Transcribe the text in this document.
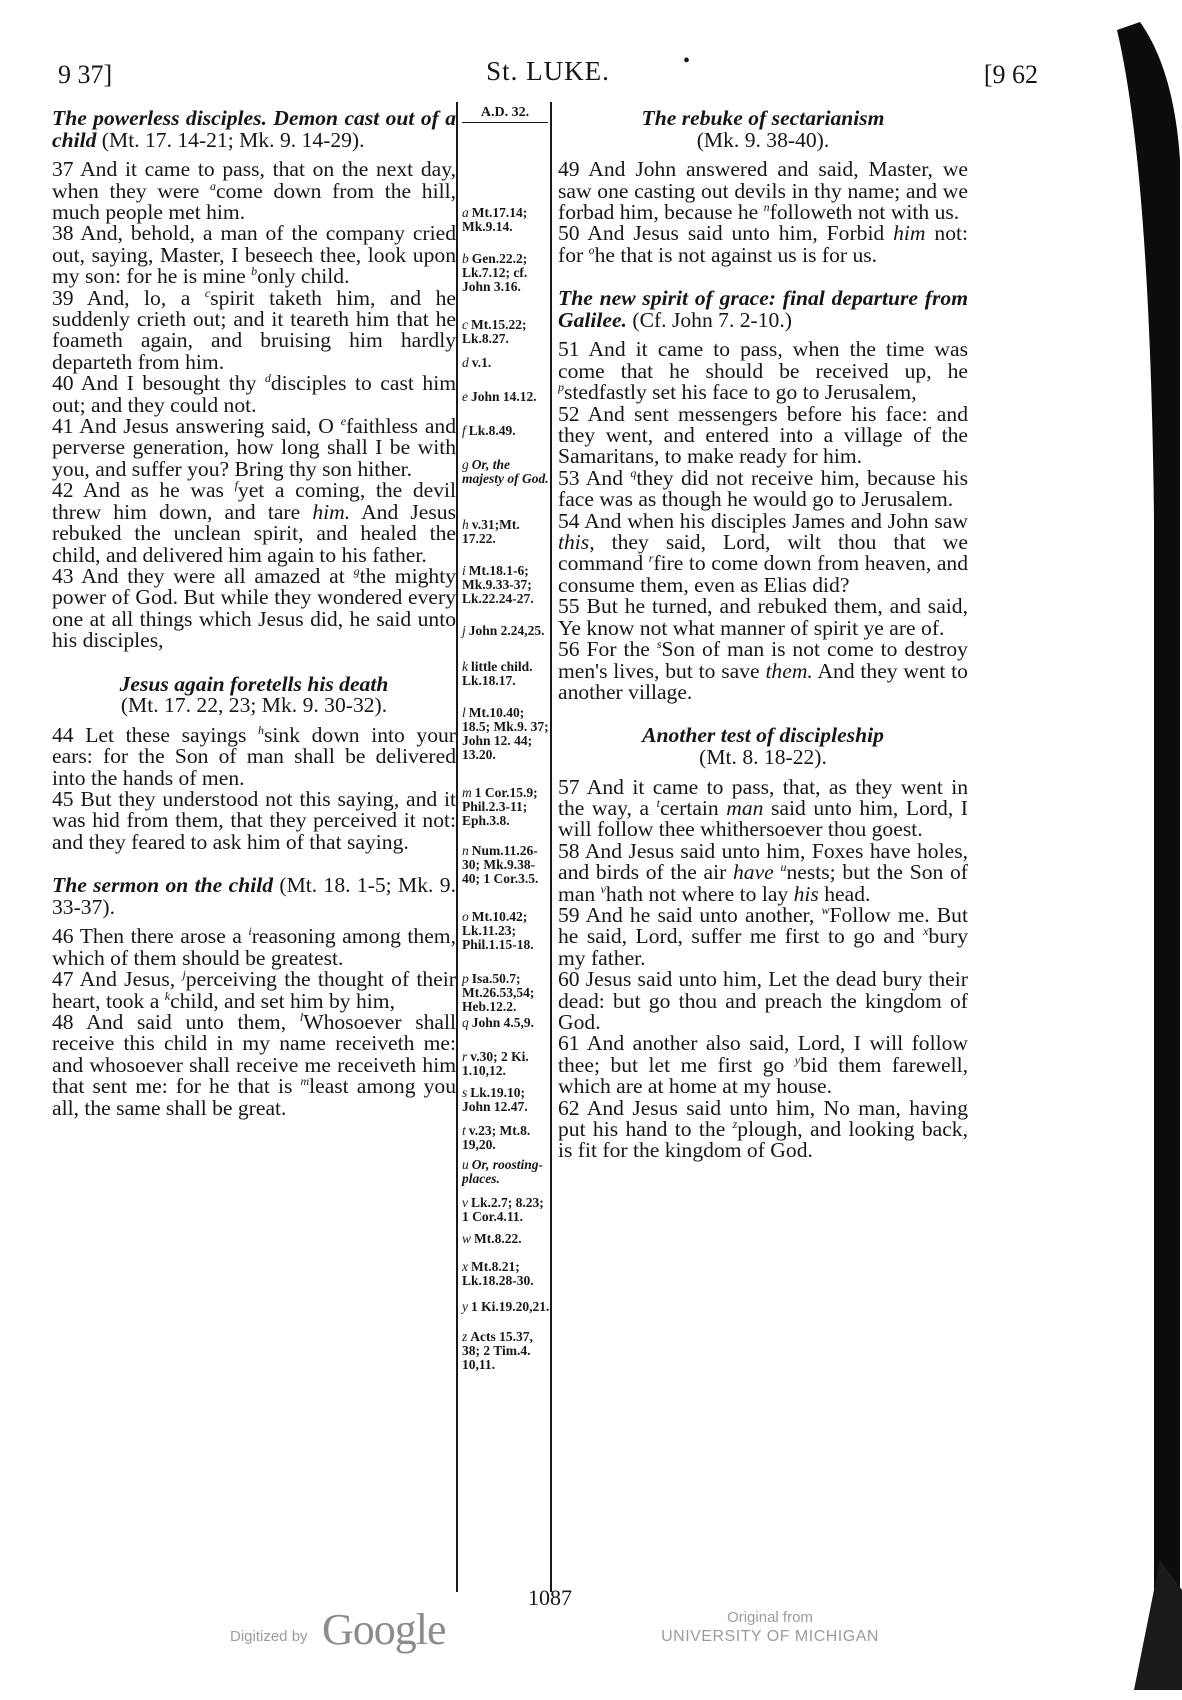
9 37]	St. LUKE.	•	[9 62
The powerless disciples. Demon cast out of a child (Mt. 17. 14-21; Mk. 9. 14-29).

37 And it came to pass, that on the next day, when they were $^a$come down from the hill, much people met him.

38 And, behold, a man of the company cried out, saying, Master, I beseech thee, look upon my son: for he is mine $^b$only child.

39 And, lo, a $^c$spirit taketh him, and he suddenly crieth out; and it teareth him that he foameth again, and bruising him hardly departeth from him.

40 And I besought thy $^d$disciples to cast him out; and they could not.

41 And Jesus answering said, O $^e$faithless and perverse generation, how long shall I be with you, and suffer you? Bring thy son hither.

42 And as he was $^f$yet a coming, the devil threw him down, and tare him. And Jesus rebuked the unclean spirit, and healed the child, and delivered him again to his father.

43 And they were all amazed at $^g$the mighty power of God. But while they wondered every one at all things which Jesus did, he said unto his disciples,

Jesus again foretells his death
(Mt. 17. 22, 23; Mk. 9. 30-32).

44 Let these sayings $^h$sink down into your ears: for the Son of man shall be delivered into the hands of men.

45 But they understood not this saying, and it was hid from them, that they perceived it not: and they feared to ask him of that saying.

The sermon on the child (Mt. 18. 1-5; Mk. 9. 33-37).

46 Then there arose a $^i$reasoning among them, which of them should be greatest.

47 And Jesus, $^j$perceiving the thought of their heart, took a $^k$child, and set him by him,

48 And said unto them, $^l$Whosoever shall receive this child in my name receiveth me: and whosoever shall receive me receiveth him that sent me: for he that is $^m$least among you all, the same shall be great.

A.D. 32.
a Mt.17.14; Mk.9.14.
b Gen.22.2; Lk.7.12; cf. John 3.16.
c Mt.15.22; Lk.8.27.
d v.1.
e John 14.12.
f Lk.8.49.
g Or, the majesty of God.
h v.31;Mt. 17.22.
i Mt.18.1-6; Mk.9.33-37; Lk.22.24-27.
j John 2.24,25.
k little child. Lk.18.17.
l Mt.10.40; 18.5; Mk.9. 37; John 12. 44; 13.20.
m 1 Cor.15.9; Phil.2.3-11; Eph.3.8.
n Num.11.26-30; Mk.9.38-40; 1 Cor.3.5.
o Mt.10.42; Lk.11.23; Phil.1.15-18.
p Isa.50.7; Mt.26.53,54; Heb.12.2.
q John 4.5,9.
r v.30; 2 Ki. 1.10,12.
s Lk.19.10; John 12.47.
t v.23; Mt.8. 19,20.
u Or, roosting-places.
v Lk.2.7; 8.23; 1 Cor.4.11.
w Mt.8.22.
x Mt.8.21; Lk.18.28-30.
y 1 Ki.19.20,21.
z Acts 15.37, 38; 2 Tim.4. 10,11.
The rebuke of sectarianism
(Mk. 9. 38-40).

49 And John answered and said, Master, we saw one casting out devils in thy name; and we forbad him, because he $^n$followeth not with us.

50 And Jesus said unto him, Forbid him not: for $^o$he that is not against us is for us.

The new spirit of grace: final departure from Galilee. (Cf. John 7. 2-10.)

51 And it came to pass, when the time was come that he should be received up, he $^p$stedfastly set his face to go to Jerusalem,

52 And sent messengers before his face: and they went, and entered into a village of the Samaritans, to make ready for him.

53 And $^q$they did not receive him, because his face was as though he would go to Jerusalem.

54 And when his disciples James and John saw this, they said, Lord, wilt thou that we command $^r$fire to come down from heaven, and consume them, even as Elias did?

55 But he turned, and rebuked them, and said, Ye know not what manner of spirit ye are of.

56 For the $^s$Son of man is not come to destroy men's lives, but to save them. And they went to another village.

Another test of discipleship
(Mt. 8. 18-22).

57 And it came to pass, that, as they went in the way, a $^t$certain man said unto him, Lord, I will follow thee whithersoever thou goest.

58 And Jesus said unto him, Foxes have holes, and birds of the air have $^u$nests; but the Son of man $^v$hath not where to lay his head.

59 And he said unto another, $^w$Follow me. But he said, Lord, suffer me first to go and $^x$bury my father.

60 Jesus said unto him, Let the dead bury their dead: but go thou and preach the kingdom of God.

61 And another also said, Lord, I will follow thee; but let me first go $^y$bid them farewell, which are at home at my house.

62 And Jesus said unto him, No man, having put his hand to the $^z$plough, and looking back, is fit for the kingdom of God.

1087
Digitized by Google	Original from
UNIVERSITY OF MICHIGAN
